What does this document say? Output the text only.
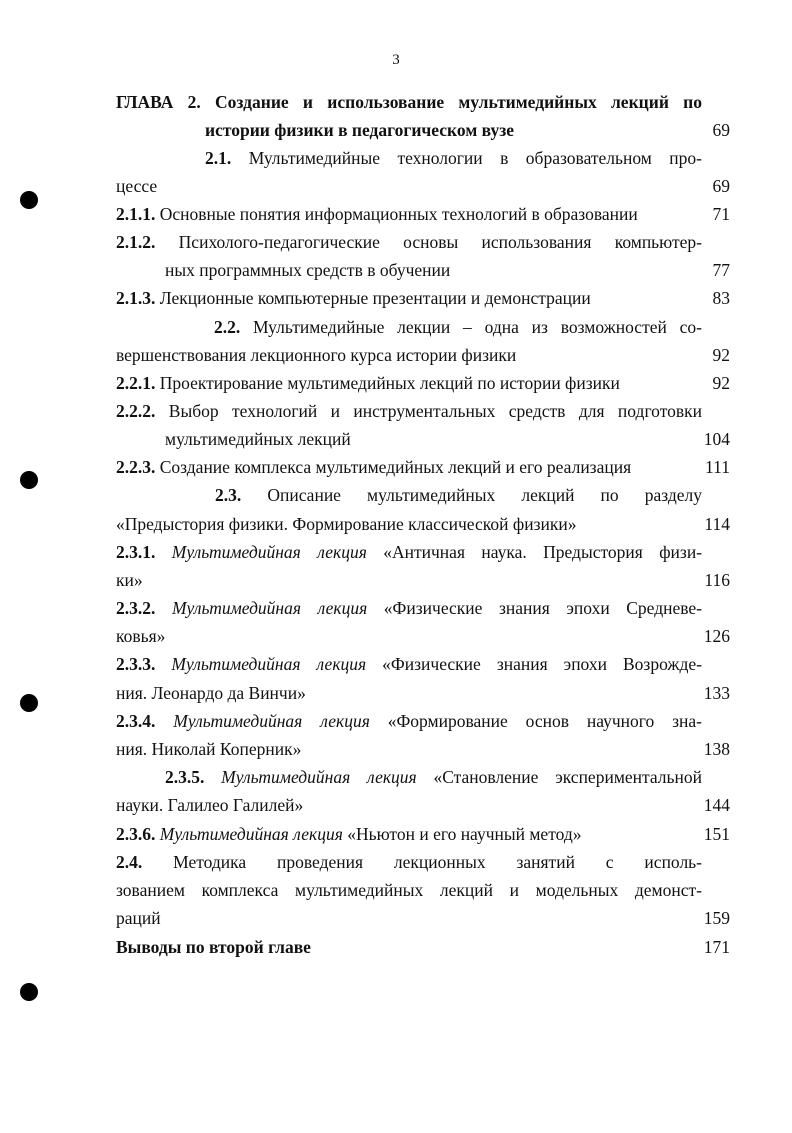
3
ГЛАВА 2. Создание и использование мультимедийных лекций по
истории физики в педагогическом вузе
2.1. Мультимедийные технологии в образовательном про-
цессе
2.1.1. Основные понятия информационных технологий в образовании
2.1.2. Психолого-педагогические основы использования компьютер-
ных программных средств в обучении
2.1.3. Лекционные компьютерные презентации и демонстрации
2.2. Мультимедийные лекции – одна из возможностей со-
вершенствования лекционного курса истории физики
2.2.1. Проектирование мультимедийных лекций по истории физики
2.2.2. Выбор технологий и инструментальных средств для подготовки
мультимедийных лекций
2.2.3. Создание комплекса мультимедийных лекций и его реализация
2.3. Описание мультимедийных лекций по разделу
«Предыстория физики. Формирование классической физики»
2.3.1. Мультимедийная лекция «Античная наука. Предыстория физи-
ки»
2.3.2. Мультимедийная лекция «Физические знания эпохи Средневе-
ковья»
2.3.3. Мультимедийная лекция «Физические знания эпохи Возрожде-
ния. Леонардо да Винчи»
2.3.4. Мультимедийная лекция «Формирование основ научного зна-
ния. Николай Коперник»
2.3.5. Мультимедийная лекция «Становление экспериментальной
науки. Галилео Галилей»
2.3.6. Мультимедийная лекция «Ньютон и его научный метод»
2.4. Методика проведения лекционных занятий с исполь-
зованием комплекса мультимедийных лекций и модельных демонст-
раций
Выводы по второй главе
69
69
71
77
83
92
92
104
111
114
116
126
133
138
144
151
159
171
